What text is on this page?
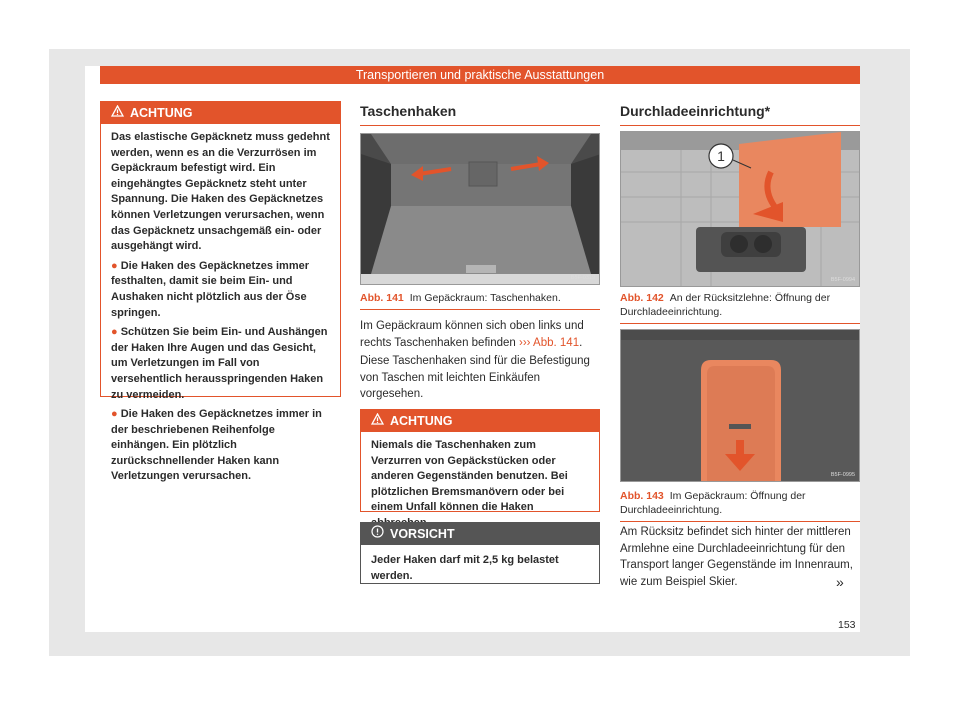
Transportieren und praktische Ausstattungen
ACHTUNG

Das elastische Gepäcknetz muss gedehnt werden, wenn es an die Verzurrösen im Gepäckraum befestigt wird. Ein eingehängtes Gepäcknetz steht unter Spannung. Die Haken des Gepäcknetzes können Verletzungen verursachen, wenn das Gepäcknetz unsachgemäß ein- oder ausgehängt wird.

● Die Haken des Gepäcknetzes immer festhalten, damit sie beim Ein- und Aushaken nicht plötzlich aus der Öse springen.

● Schützen Sie beim Ein- und Aushängen der Haken Ihre Augen und das Gesicht, um Verletzungen im Fall von versehentlich herausspringenden Haken zu vermeiden.

● Die Haken des Gepäcknetzes immer in der beschriebenen Reihenfolge einhängen. Ein plötzlich zurückschnellender Haken kann Verletzungen verursachen.

Taschenhaken
B5F-0319
Abb. 141 Im Gepäckraum: Taschenhaken.
Im Gepäckraum können sich oben links und rechts Taschenhaken befinden ››› Abb. 141.
Diese Taschenhaken sind für die Befestigung von Taschen mit leichten Einkäufen vorgesehen.
ACHTUNG
Niemals die Taschenhaken zum Verzurren von Gepäckstücken oder anderen Gegenständen benutzen. Bei plötzlichen Bremsmanövern oder bei einem Unfall können die Haken
VORSICHT
Jeder Haken darf mit 2,5 kg belastet werden.
Durchladeeinrichtung*
1
B5F-0994
Abb. 142 An der Rücksitzlehne: Öffnung der Durchladeeinrichtung.
B5F-0995
Abb. 143 Im Gepäckraum: Öffnung der Durchladeeinrichtung.
Am Rücksitz befindet sich hinter der mittleren Armlehne eine Durchladeeinrichtung für den Transport langer Gegenstände im Innenraum, wie zum Beispiel Skier.	»
153
